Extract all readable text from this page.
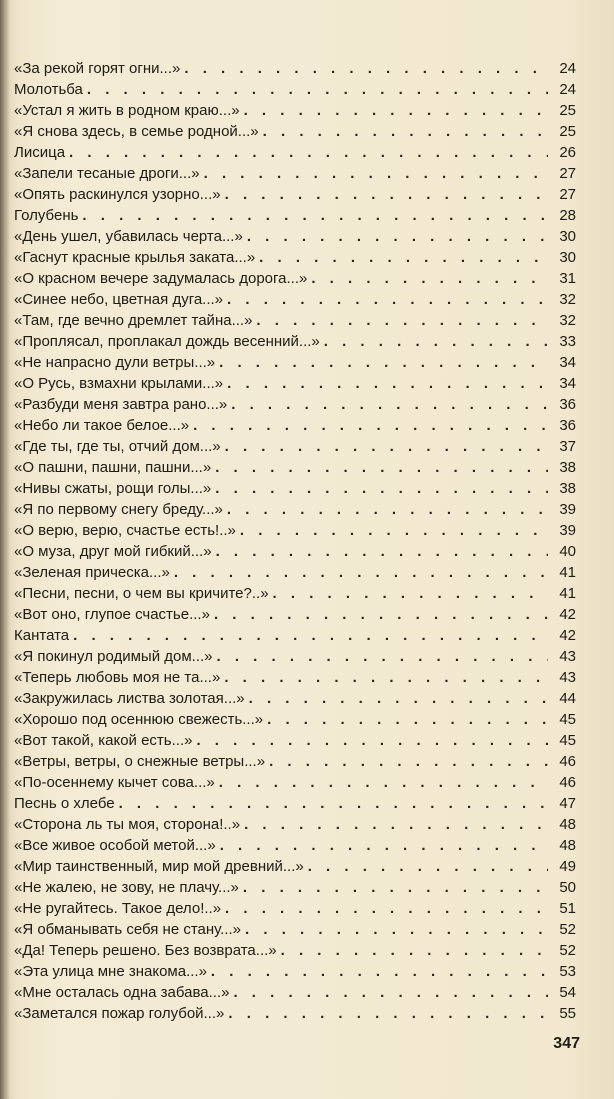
«За рекой горят огни...» . . .	24
Молотьба . . .	24
«Устал я жить в родном краю...» . . .	25
«Я снова здесь, в семье родной...» . . .	25
Лисица . . .	26
«Запели тесаные дроги...» . . .	27
«Опять раскинулся узорно...» . . .	27
Голубень . . .	28
«День ушел, убавилась черта...» . . .	30
«Гаснут красные крылья заката...» . . .	30
«О красном вечере задумалась дорога...» . . .	31
«Синее небо, цветная дуга...» . . .	32
«Там, где вечно дремлет тайна...» . . .	32
«Проплясал, проплакал дождь весенний...» . . .	33
«Не напрасно дули ветры...» . . .	34
«О Русь, взмахни крылами...» . . .	34
«Разбуди меня завтра рано...» . . .	36
«Небо ли такое белое...» . . .	36
«Где ты, где ты, отчий дом...» . . .	37
«О пашни, пашни, пашни...» . . .	38
«Нивы сжаты, рощи голы...» . . .	38
«Я по первому снегу бреду...» . . .	39
«О верю, верю, счастье есть!..» . . .	39
«О муза, друг мой гибкий...» . . .	40
«Зеленая прическа...» . . .	41
«Песни, песни, о чем вы кричите?..» . . .	41
«Вот оно, глупое счастье...» . . .	42
Кантата . . .	42
«Я покинул родимый дом...» . . .	43
«Теперь любовь моя не та...» . . .	43
«Закружилась листва золотая...» . . .	44
«Хорошо под осеннюю свежесть...» . . .	45
«Вот такой, какой есть...» . . .	45
«Ветры, ветры, о снежные ветры...» . . .	46
«По-осеннему кычет сова...» . . .	46
Песнь о хлебе . . .	47
«Сторона ль ты моя, сторона!..» . . .	48
«Все живое особой метой...» . . .	48
«Мир таинственный, мир мой древний...» . . .	49
«Не жалею, не зову, не плачу...» . . .	50
«Не ругайтесь. Такое дело!..» . . .	51
«Я обманывать себя не стану...» . . .	52
«Да! Теперь решено. Без возврата...» . . .	52
«Эта улица мне знакома...» . . .	53
«Мне осталась одна забава...» . . .	54
«Заметался пожар голубой...» . . .	55
347
